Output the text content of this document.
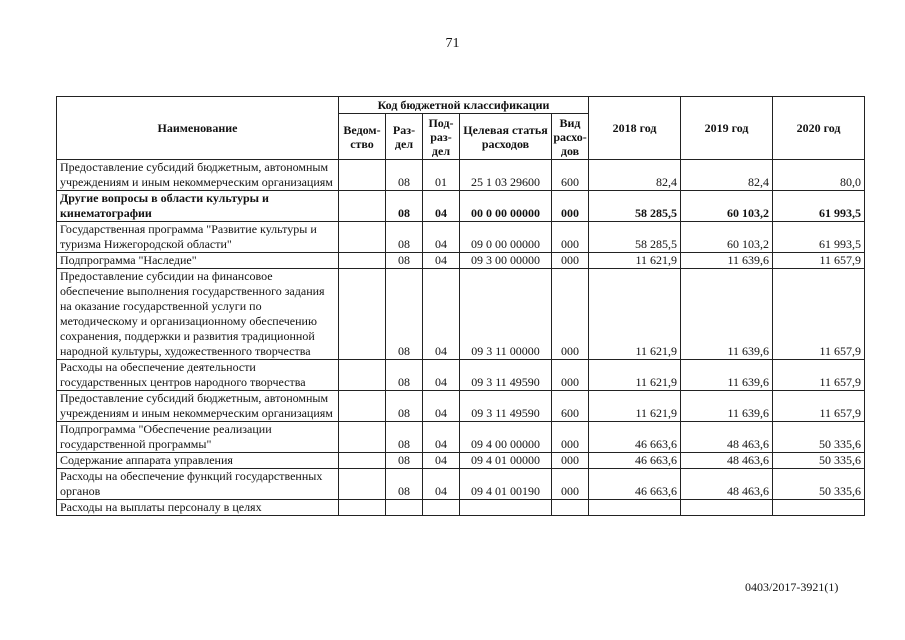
71
Наименование	Код бюджетной классификации					2018 год	2019 год	2020 год
	Ведом-ство	Раз-дел	Под-раз-дел	Целевая статья расходов	Вид расхо-дов			
Предоставление субсидий бюджетным, автономным учреждениям и иным некоммерческим организациям		08	01	25 1 03 29600	600	82,4	82,4	80,0
Другие вопросы в области культуры и кинематографии		08	04	00 0 00 00000	000	58 285,5	60 103,2	61 993,5
Государственная программа "Развитие культуры и туризма Нижегородской области"		08	04	09 0 00 00000	000	58 285,5	60 103,2	61 993,5
Подпрограмма "Наследие"		08	04	09 3 00 00000	000	11 621,9	11 639,6	11 657,9
Предоставление субсидии на финансовое обеспечение выполнения государственного задания на оказание государственной услуги по методическому и организационному обеспечению сохранения, поддержки и развития традиционной народной культуры, художественного творчества		08	04	09 3 11 00000	000	11 621,9	11 639,6	11 657,9
Расходы на обеспечение деятельности государственных центров народного творчества		08	04	09 3 11 49590	000	11 621,9	11 639,6	11 657,9
Предоставление субсидий бюджетным, автономным учреждениям и иным некоммерческим организациям		08	04	09 3 11 49590	600	11 621,9	11 639,6	11 657,9
Подпрограмма "Обеспечение реализации государственной программы"		08	04	09 4 00 00000	000	46 663,6	48 463,6	50 335,6
Содержание аппарата управления		08	04	09 4 01 00000	000	46 663,6	48 463,6	50 335,6
Расходы на обеспечение функций государственных органов		08	04	09 4 01 00190	000	46 663,6	48 463,6	50 335,6
Расходы на выплаты персоналу в целях								
0403/2017-3921(1)
